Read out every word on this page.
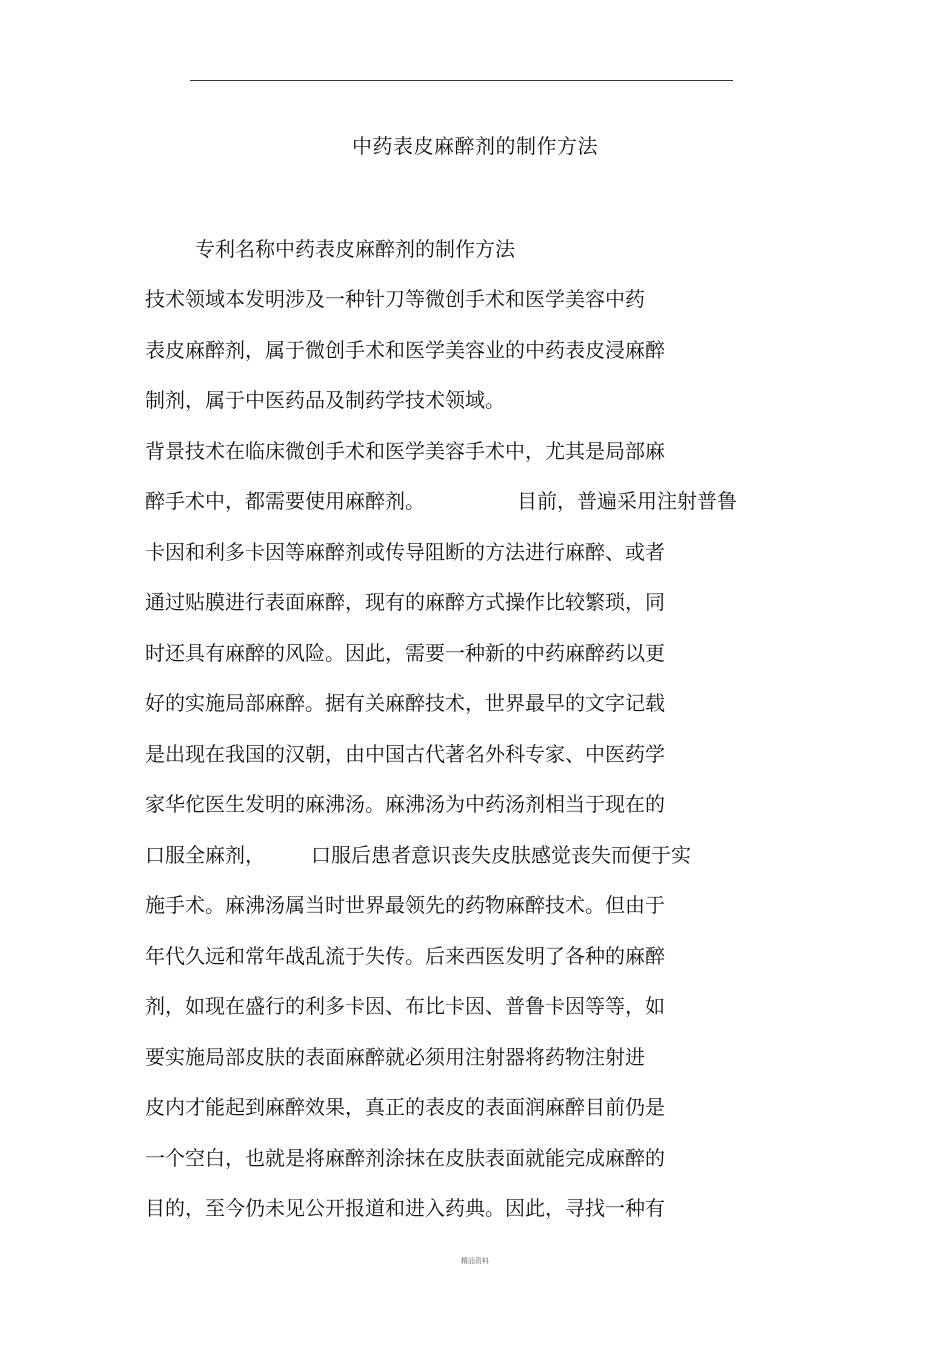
中药表皮麻醉剂的制作方法
专利名称中药表皮麻醉剂的制作方法
技术领域本发明涉及一种针刀等微创手术和医学美容中药
表皮麻醉剂，属于微创手术和医学美容业的中药表皮浸麻醉
制剂，属于中医药品及制药学技术领域。
背景技术在临床微创手术和医学美容手术中，尤其是局部麻
醉手术中，都需要使用麻醉剂。	目前，普遍采用注射普鲁
卡因和利多卡因等麻醉剂或传导阻断的方法进行麻醉、或者
通过贴膜进行表面麻醉，现有的麻醉方式操作比较繁琐，同
时还具有麻醉的风险。因此，需要一种新的中药麻醉药以更
好的实施局部麻醉。据有关麻醉技术，世界最早的文字记载
是出现在我国的汉朝，由中国古代著名外科专家、中医药学
家华佗医生发明的麻沸汤。麻沸汤为中药汤剂相当于现在的
口服全麻剂， 口服后患者意识丧失皮肤感觉丧失而便于实
施手术。麻沸汤属当时世界最领先的药物麻醉技术。但由于
年代久远和常年战乱流于失传。后来西医发明了各种的麻醉
剂，如现在盛行的利多卡因、布比卡因、普鲁卡因等等，如
要实施局部皮肤的表面麻醉就必须用注射器将药物注射进
皮内才能起到麻醉效果，真正的表皮的表面润麻醉目前仍是
一个空白，也就是将麻醉剂涂抹在皮肤表面就能完成麻醉的
目的，至今仍未见公开报道和进入药典。因此，寻找一种有
精品资料
